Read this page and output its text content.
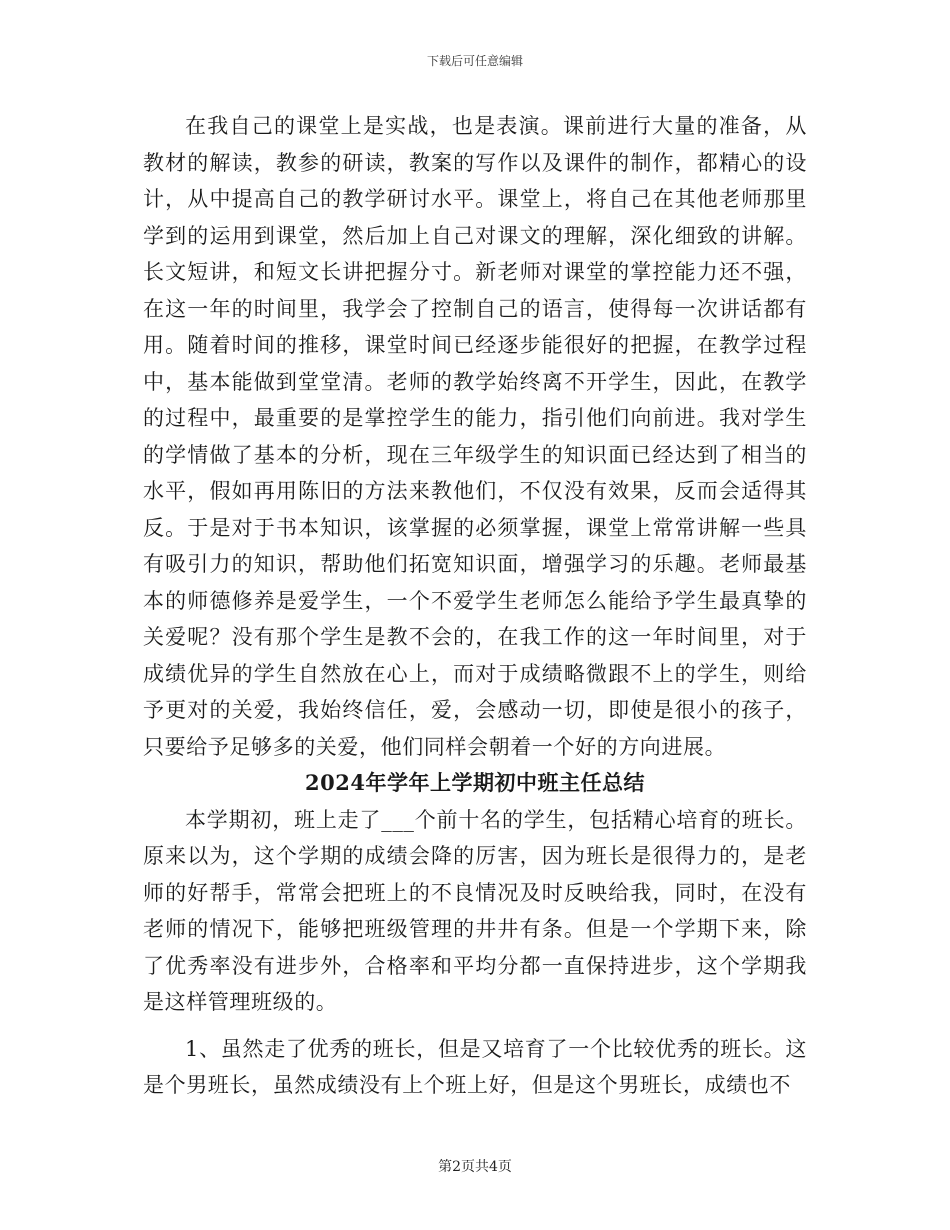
下载后可任意编辑

在我自己的课堂上是实战，也是表演。课前进行大量的准备，从教材的解读，教参的研读，教案的写作以及课件的制作，都精心的设计，从中提高自己的教学研讨水平。课堂上，将自己在其他老师那里学到的运用到课堂，然后加上自己对课文的理解，深化细致的讲解。长文短讲，和短文长讲把握分寸。新老师对课堂的掌控能力还不强，在这一年的时间里，我学会了控制自己的语言，使得每一次讲话都有用。随着时间的推移，课堂时间已经逐步能很好的把握，在教学过程中，基本能做到堂堂清。老师的教学始终离不开学生，因此，在教学的过程中，最重要的是掌控学生的能力，指引他们向前进。我对学生的学情做了基本的分析，现在三年级学生的知识面已经达到了相当的水平，假如再用陈旧的方法来教他们，不仅没有效果，反而会适得其反。于是对于书本知识，该掌握的必须掌握，课堂上常常讲解一些具有吸引力的知识，帮助他们拓宽知识面，增强学习的乐趣。老师最基本的师德修养是爱学生，一个不爱学生老师怎么能给予学生最真挚的关爱呢？没有那个学生是教不会的，在我工作的这一年时间里，对于成绩优异的学生自然放在心上，而对于成绩略微跟不上的学生，则给予更对的关爱，我始终信任，爱，会感动一切，即使是很小的孩子，只要给予足够多的关爱，他们同样会朝着一个好的方向进展。

2024年学年上学期初中班主任总结

本学期初，班上走了___个前十名的学生，包括精心培育的班长。原来以为，这个学期的成绩会降的厉害，因为班长是很得力的，是老师的好帮手，常常会把班上的不良情况及时反映给我，同时，在没有老师的情况下，能够把班级管理的井井有条。但是一个学期下来，除了优秀率没有进步外，合格率和平均分都一直保持进步，这个学期我是这样管理班级的。

1、虽然走了优秀的班长，但是又培育了一个比较优秀的班长。这是个男班长，虽然成绩没有上个班上好，但是这个男班长，成绩也不

第2页共4页
